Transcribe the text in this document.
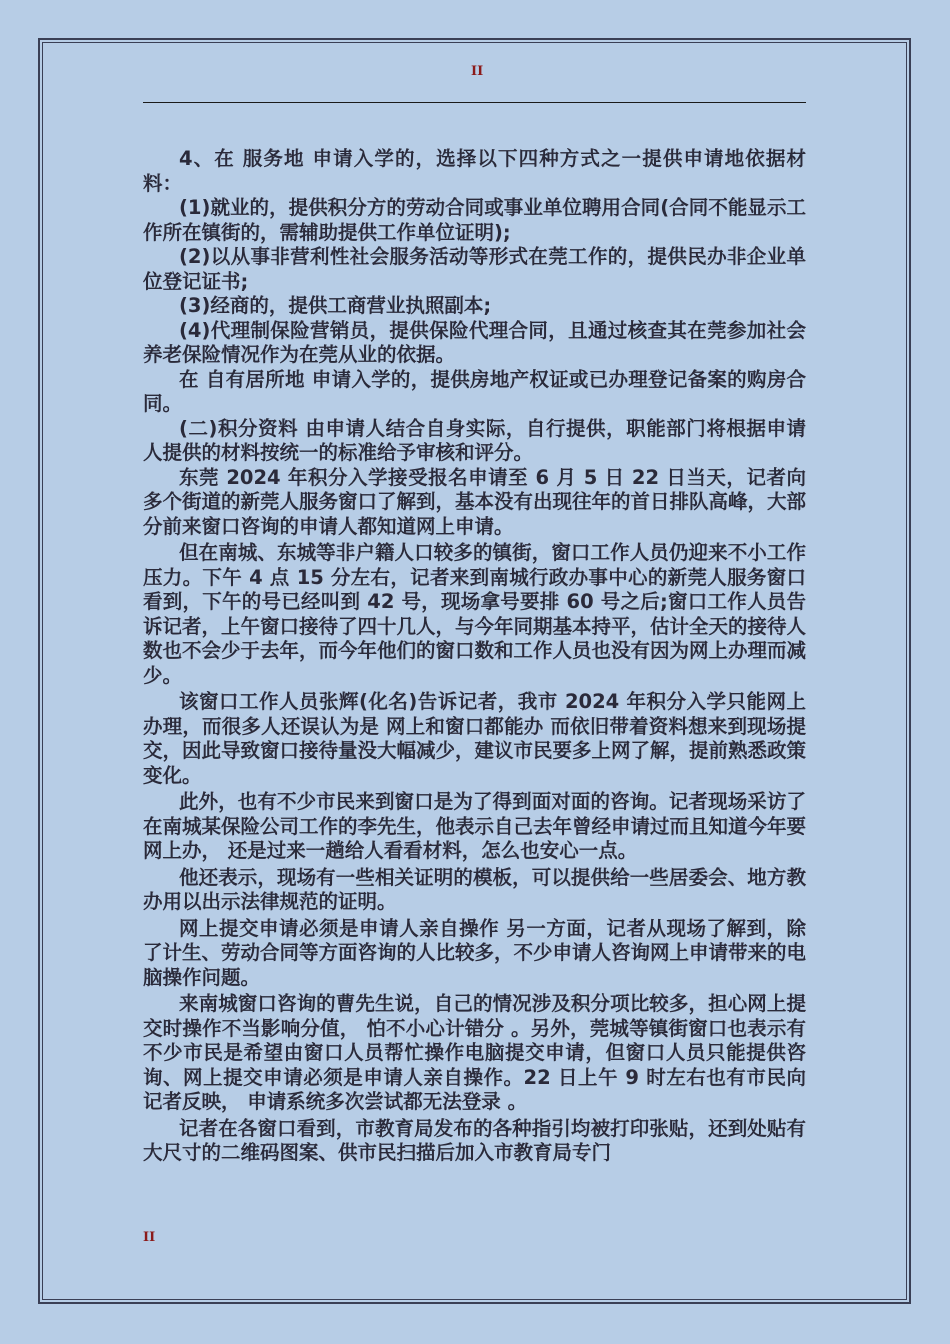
II

4、在 服务地 申请入学的，选择以下四种方式之一提供申请地依据材料：

(1)就业的，提供积分方的劳动合同或事业单位聘用合同(合同不能显示工作所在镇街的，需辅助提供工作单位证明);

(2)以从事非营利性社会服务活动等形式在莞工作的，提供民办非企业单位登记证书;

(3)经商的，提供工商营业执照副本;

(4)代理制保险营销员，提供保险代理合同，且通过核查其在莞参加社会养老保险情况作为在莞从业的依据。

在 自有居所地 申请入学的，提供房地产权证或已办理登记备案的购房合同。

(二)积分资料 由申请人结合自身实际，自行提供，职能部门将根据申请人提供的材料按统一的标准给予审核和评分。

东莞 2024 年积分入学接受报名申请至 6 月 5 日 22 日当天，记者向多个街道的新莞人服务窗口了解到，基本没有出现往年的首日排队高峰，大部分前来窗口咨询的申请人都知道网上申请。

但在南城、东城等非户籍人口较多的镇街，窗口工作人员仍迎来不小工作压力。下午 4 点 15 分左右，记者来到南城行政办事中心的新莞人服务窗口看到，下午的号已经叫到 42 号，现场拿号要排 60 号之后;窗口工作人员告诉记者，上午窗口接待了四十几人，与今年同期基本持平，估计全天的接待人数也不会少于去年，而今年他们的窗口数和工作人员也没有因为网上办理而减少。

该窗口工作人员张辉(化名)告诉记者，我市 2024 年积分入学只能网上办理，而很多人还误认为是 网上和窗口都能办 而依旧带着资料想来到现场提交，因此导致窗口接待量没大幅减少，建议市民要多上网了解，提前熟悉政策变化。

此外，也有不少市民来到窗口是为了得到面对面的咨询。记者现场采访了在南城某保险公司工作的李先生，他表示自己去年曾经申请过而且知道今年要网上办， 还是过来一趟给人看看材料，怎么也安心一点。

他还表示，现场有一些相关证明的模板，可以提供给一些居委会、地方教办用以出示法律规范的证明。

网上提交申请必须是申请人亲自操作 另一方面，记者从现场了解到，除了计生、劳动合同等方面咨询的人比较多，不少申请人咨询网上申请带来的电脑操作问题。

来南城窗口咨询的曹先生说，自己的情况涉及积分项比较多，担心网上提交时操作不当影响分值， 怕不小心计错分 。另外，莞城等镇街窗口也表示有不少市民是希望由窗口人员帮忙操作电脑提交申请，但窗口人员只能提供咨询、网上提交申请必须是申请人亲自操作。22 日上午 9 时左右也有市民向记者反映， 申请系统多次尝试都无法登录 。

记者在各窗口看到，市教育局发布的各种指引均被打印张贴，还到处贴有大尺寸的二维码图案、供市民扫描后加入市教育局专门

II
